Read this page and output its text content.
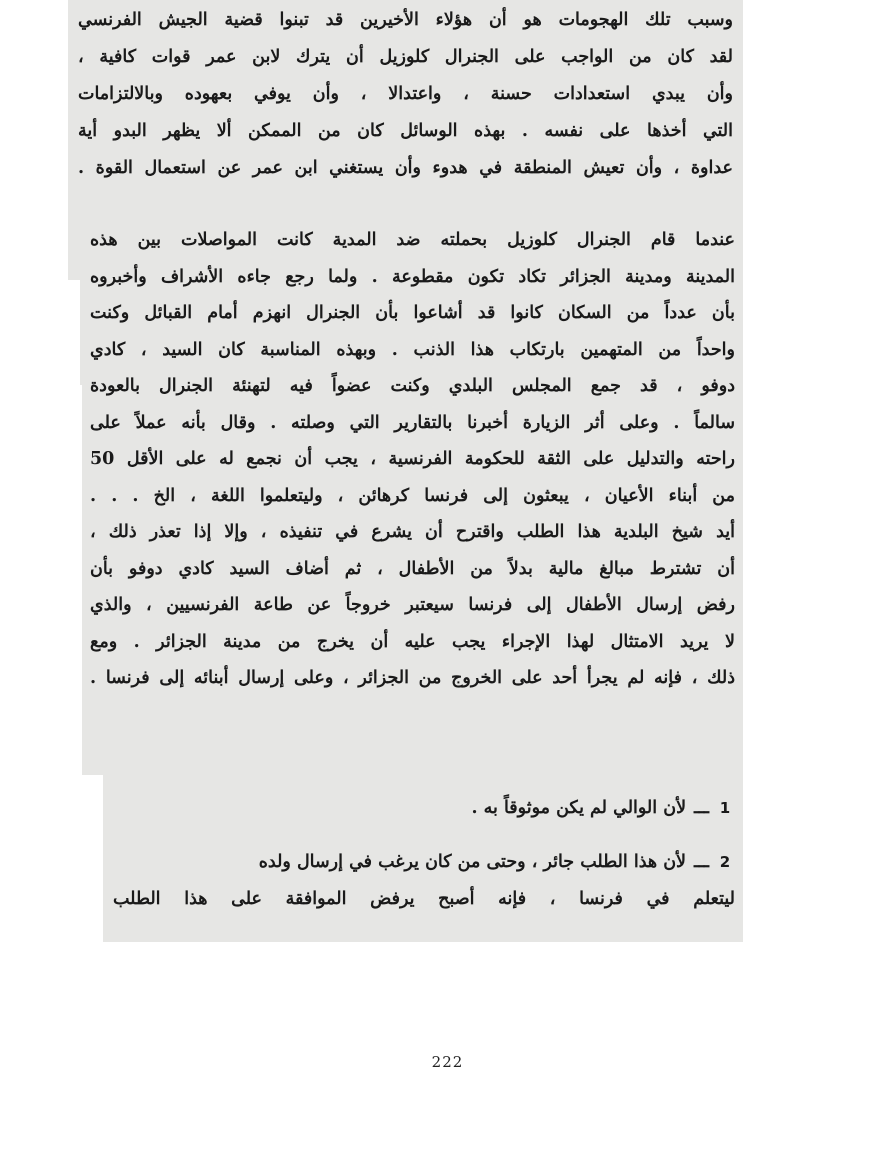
وسبب تلك الهجومات هو أن هؤلاء الأخيرين قد تبنوا قضية الجيش الفرنسي
لقد كان من الواجب على الجنرال كلوزيل أن يترك لابن عمر قوات كافية ،
وأن يبدي استعدادات حسنة ، واعتدالا ، وأن يوفي بعهوده وبالالتزامات
التي أخذها على نفسه . بهذه الوسائل كان من الممكن ألا يظهر البدو أية
عداوة ، وأن تعيش المنطقة في هدوء وأن يستغني ابن عمر عن استعمال القوة .
عندما قام الجنرال كلوزيل بحملته ضد المدية كانت المواصلات بين هذه
المدينة ومدينة الجزائر تكاد تكون مقطوعة . ولما رجع جاءه الأشراف وأخبروه
بأن عدداً من السكان كانوا قد أشاعوا بأن الجنرال انهزم أمام القبائل وكنت
واحداً من المتهمين بارتكاب هذا الذنب . وبهذه المناسبة كان السيد ، كادي
دوفو ، قد جمع المجلس البلدي وكنت عضواً فيه لتهنئة الجنرال بالعودة
سالماً . وعلى أثر الزيارة أخبرنا بالتقارير التي وصلته . وقال بأنه عملاً على
راحته والتدليل على الثقة للحكومة الفرنسية ، يجب أن نجمع له على الأقل 50
من أبناء الأعيان ، يبعثون إلى فرنسا كرهائن ، وليتعلموا اللغة ، الخ . . .
أيد شيخ البلدية هذا الطلب واقترح أن يشرع في تنفيذه ، وإلا إذا تعذر ذلك ،
أن تشترط مبالغ مالية بدلاً من الأطفال ، ثم أضاف السيد كادي دوفو بأن
رفض إرسال الأطفال إلى فرنسا سيعتبر خروجاً عن طاعة الفرنسيين ، والذي
لا يريد الامتثال لهذا الإجراء يجب عليه أن يخرج من مدينة الجزائر . ومع
ذلك ، فإنه لم يجرأ أحد على الخروج من الجزائر ، وعلى إرسال أبنائه إلى فرنسا .
1
ـــ
لأن الوالي لم يكن موثوقاً به .
2
ـــ
لأن هذا الطلب جائر ، وحتى من كان يرغب في إرسال ولده
ليتعلم في فرنسا ، فإنه أصبح يرفض الموافقة على هذا الطلب
222
